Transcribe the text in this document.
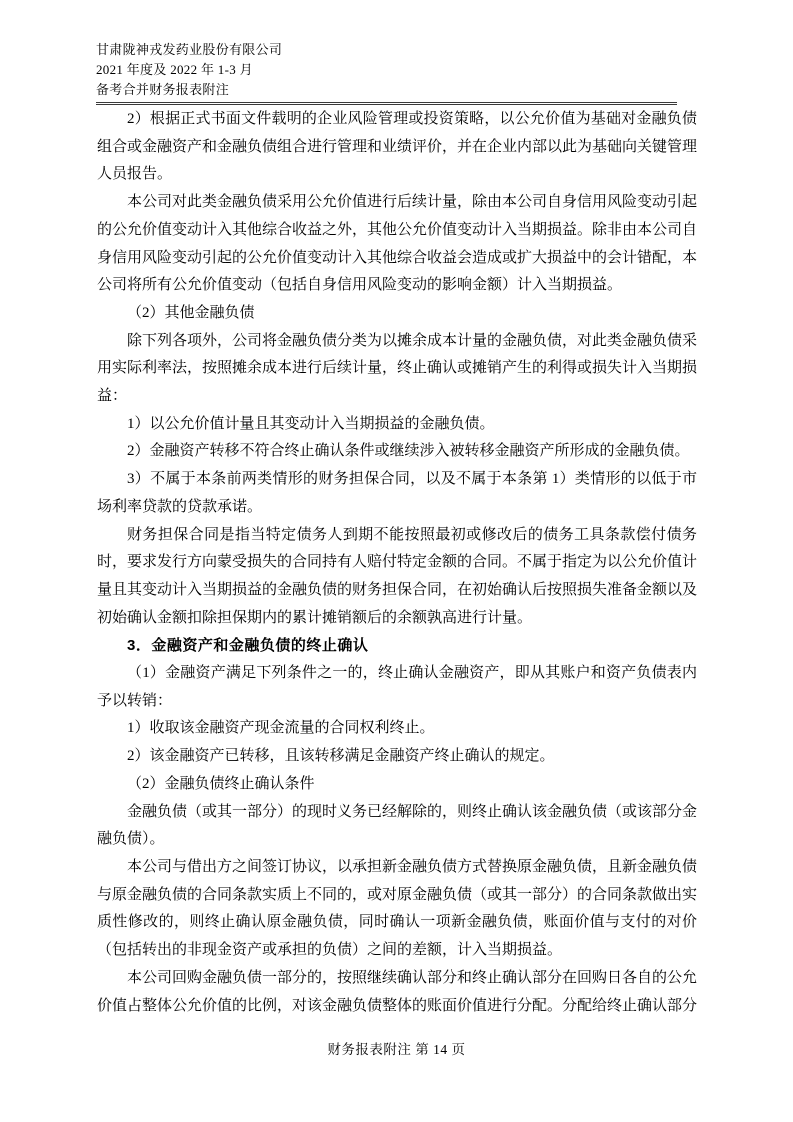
甘肃陇神戎发药业股份有限公司
2021 年度及 2022 年 1-3 月
备考合并财务报表附注

2）根据正式书面文件载明的企业风险管理或投资策略，以公允价值为基础对金融负债组合或金融资产和金融负债组合进行管理和业绩评价，并在企业内部以此为基础向关键管理人员报告。

本公司对此类金融负债采用公允价值进行后续计量，除由本公司自身信用风险变动引起的公允价值变动计入其他综合收益之外，其他公允价值变动计入当期损益。除非由本公司自身信用风险变动引起的公允价值变动计入其他综合收益会造成或扩大损益中的会计错配，本公司将所有公允价值变动（包括自身信用风险变动的影响金额）计入当期损益。

（2）其他金融负债

除下列各项外，公司将金融负债分类为以摊余成本计量的金融负债，对此类金融负债采用实际利率法，按照摊余成本进行后续计量，终止确认或摊销产生的利得或损失计入当期损益：

1）以公允价值计量且其变动计入当期损益的金融负债。

2）金融资产转移不符合终止确认条件或继续涉入被转移金融资产所形成的金融负债。

3）不属于本条前两类情形的财务担保合同，以及不属于本条第 1）类情形的以低于市场利率贷款的贷款承诺。

财务担保合同是指当特定债务人到期不能按照最初或修改后的债务工具条款偿付债务时，要求发行方向蒙受损失的合同持有人赔付特定金额的合同。不属于指定为以公允价值计量且其变动计入当期损益的金融负债的财务担保合同，在初始确认后按照损失准备金额以及初始确认金额扣除担保期内的累计摊销额后的余额孰高进行计量。

3．金融资产和金融负债的终止确认

（1）金融资产满足下列条件之一的，终止确认金融资产，即从其账户和资产负债表内予以转销：

1）收取该金融资产现金流量的合同权利终止。

2）该金融资产已转移，且该转移满足金融资产终止确认的规定。

（2）金融负债终止确认条件

金融负债（或其一部分）的现时义务已经解除的，则终止确认该金融负债（或该部分金融负债）。

本公司与借出方之间签订协议，以承担新金融负债方式替换原金融负债，且新金融负债与原金融负债的合同条款实质上不同的，或对原金融负债（或其一部分）的合同条款做出实质性修改的，则终止确认原金融负债，同时确认一项新金融负债，账面价值与支付的对价（包括转出的非现金资产或承担的负债）之间的差额，计入当期损益。

本公司回购金融负债一部分的，按照继续确认部分和终止确认部分在回购日各自的公允价值占整体公允价值的比例，对该金融负债整体的账面价值进行分配。分配给终止确认部分

财务报表附注 第 14 页
